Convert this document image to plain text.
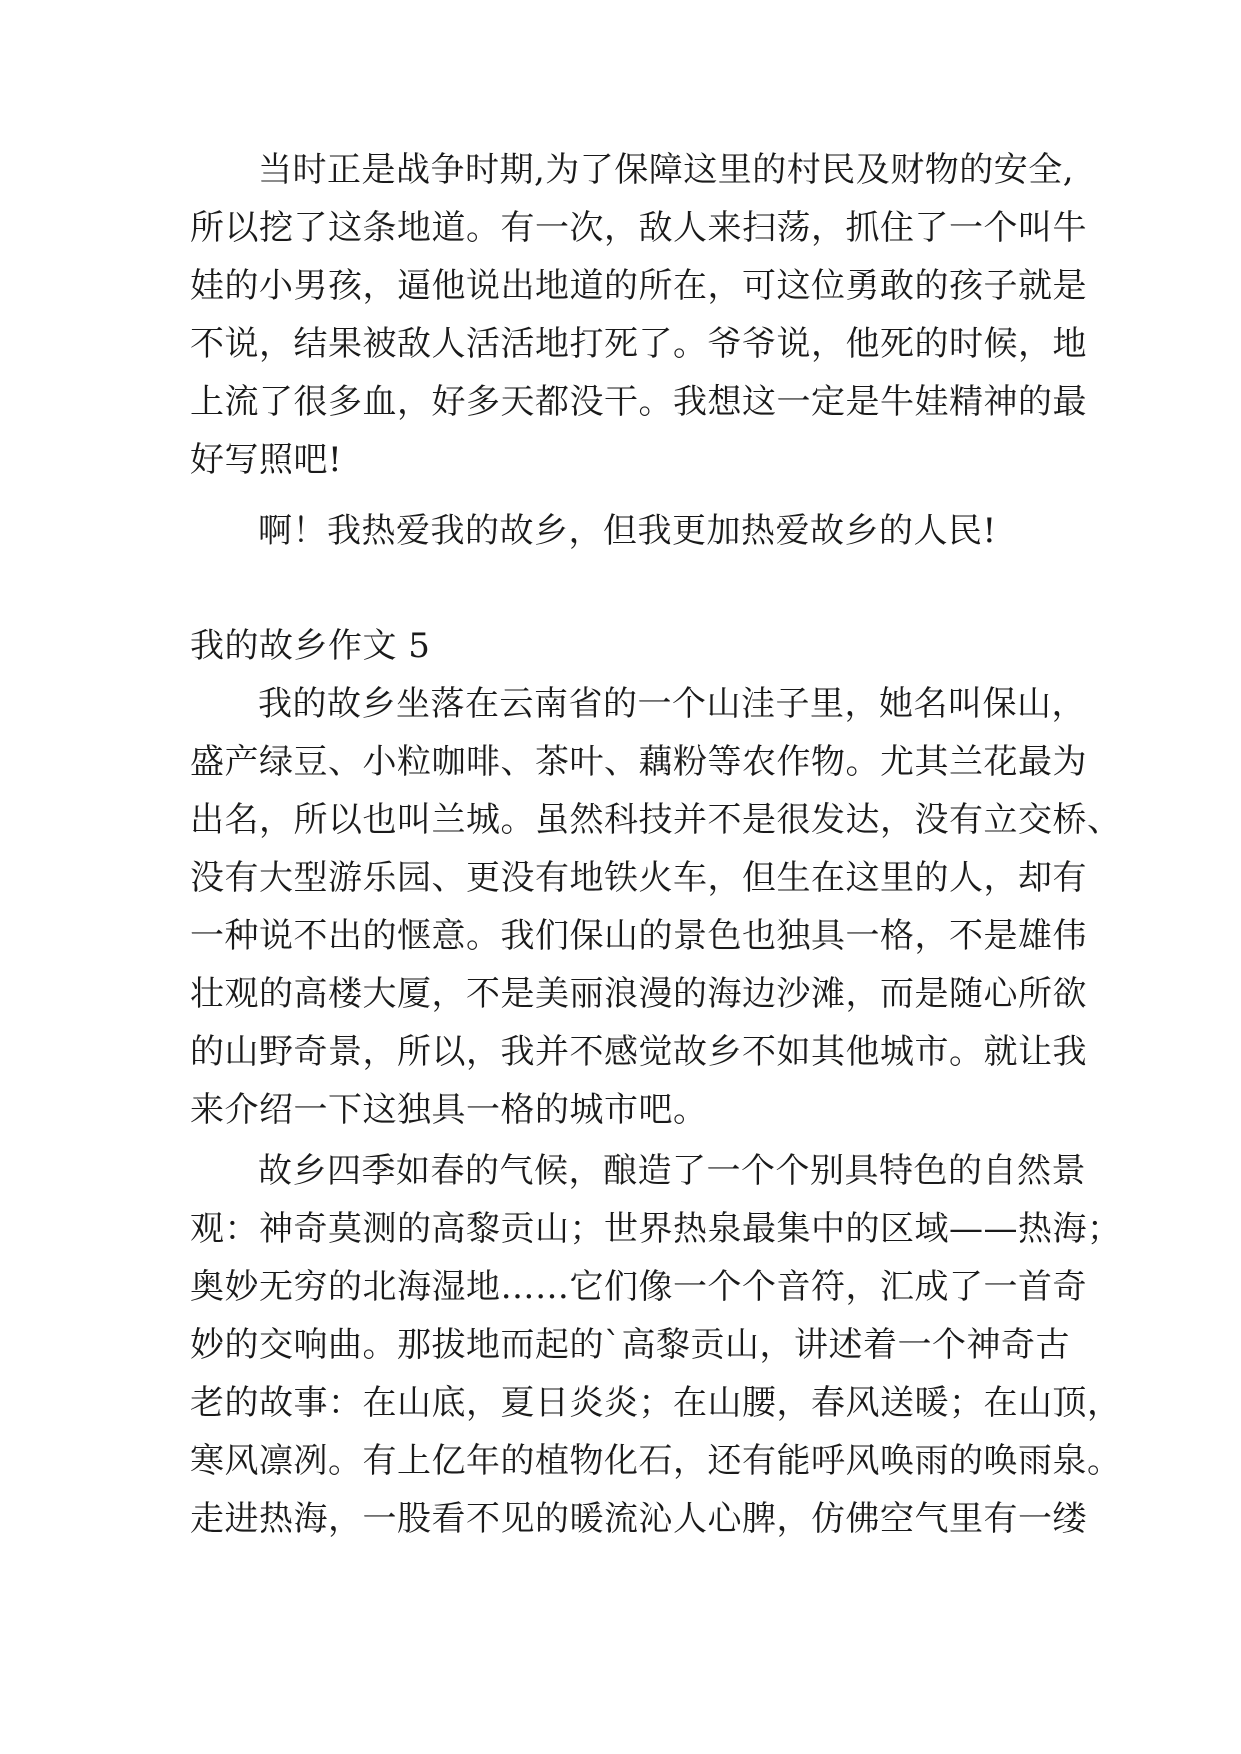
当时正是战争时期,为了保障这里的村民及财物的安全,
所以挖了这条地道。有一次，敌人来扫荡，抓住了一个叫牛
娃的小男孩，逼他说出地道的所在，可这位勇敢的孩子就是
不说，结果被敌人活活地打死了。爷爷说，他死的时候，地
上流了很多血，好多天都没干。我想这一定是牛娃精神的最
好写照吧!
啊！我热爱我的故乡，但我更加热爱故乡的人民!
我的故乡作文 5
我的故乡坐落在云南省的一个山洼子里，她名叫保山，
盛产绿豆、小粒咖啡、茶叶、藕粉等农作物。尤其兰花最为
出名，所以也叫兰城。虽然科技并不是很发达，没有立交桥、
没有大型游乐园、更没有地铁火车，但生在这里的人，却有
一种说不出的惬意。我们保山的景色也独具一格，不是雄伟
壮观的高楼大厦，不是美丽浪漫的海边沙滩，而是随心所欲
的山野奇景，所以，我并不感觉故乡不如其他城市。就让我
来介绍一下这独具一格的城市吧。
故乡四季如春的气候，酿造了一个个别具特色的自然景
观：神奇莫测的高黎贡山；世界热泉最集中的区域——热海；
奥妙无穷的北海湿地……它们像一个个音符，汇成了一首奇
妙的交响曲。那拔地而起的`高黎贡山，讲述着一个神奇古
老的故事：在山底，夏日炎炎；在山腰，春风送暖；在山顶，
寒风凛冽。有上亿年的植物化石，还有能呼风唤雨的唤雨泉。
走进热海，一股看不见的暖流沁人心脾，仿佛空气里有一缕
